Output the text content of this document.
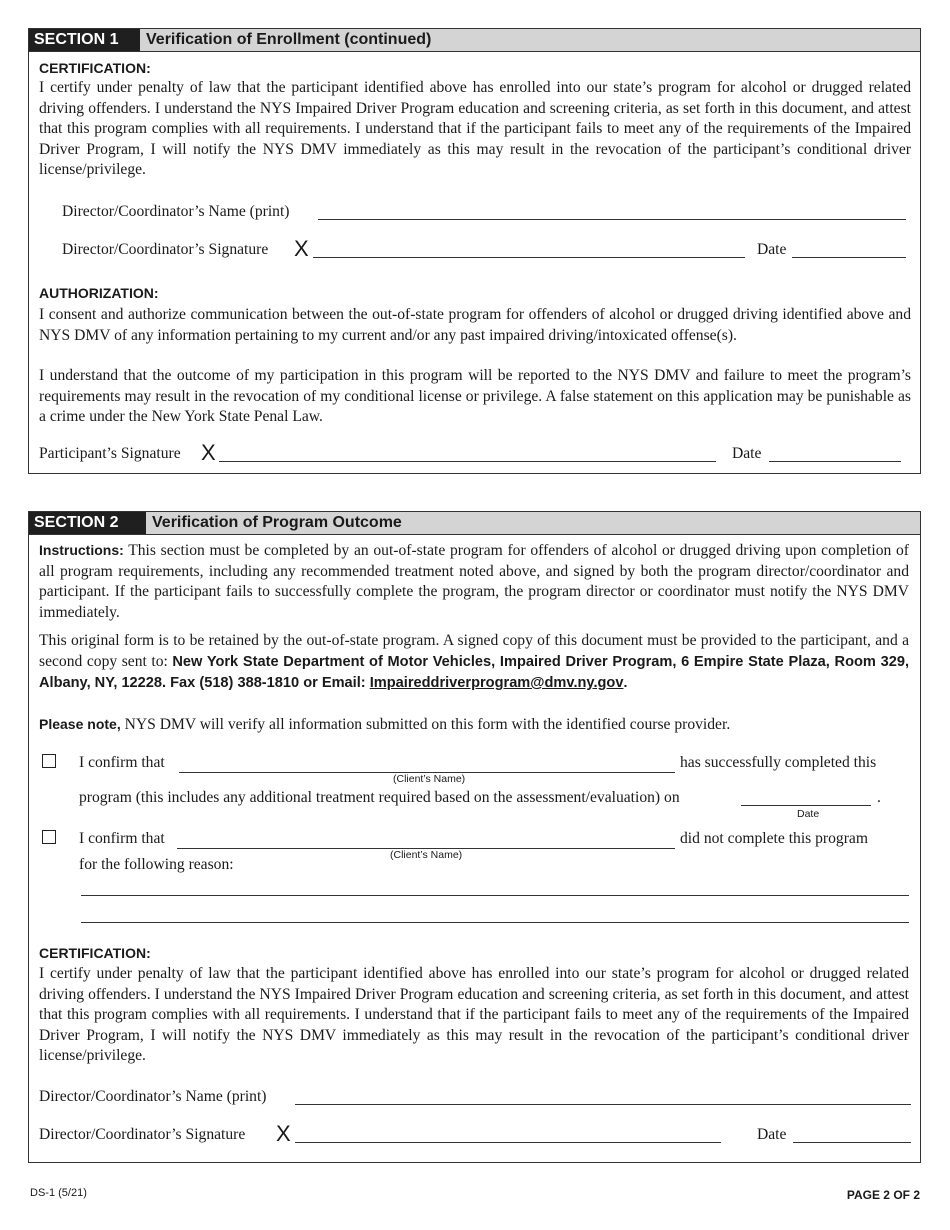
SECTION 1	Verification of Enrollment (continued)
CERTIFICATION:
I certify under penalty of law that the participant identified above has enrolled into our state’s program for alcohol or drugged related driving offenders. I understand the NYS Impaired Driver Program education and screening criteria, as set forth in this document, and attest that this program complies with all requirements. I understand that if the participant fails to meet any of the requirements of the Impaired Driver Program, I will notify the NYS DMV immediately as this may result in the revocation of the participant’s conditional driver license/privilege.
Director/Coordinator’s Name (print)
Director/Coordinator’s Signature X	Date
AUTHORIZATION:
I consent and authorize communication between the out-of-state program for offenders of alcohol or drugged driving identified above and NYS DMV of any information pertaining to my current and/or any past impaired driving/intoxicated offense(s).
I understand that the outcome of my participation in this program will be reported to the NYS DMV and failure to meet the program’s requirements may result in the revocation of my conditional license or privilege. A false statement on this application may be punishable as a crime under the New York State Penal Law.
Participant’s Signature X	Date
SECTION 2	Verification of Program Outcome
Instructions: This section must be completed by an out-of-state program for offenders of alcohol or drugged driving upon completion of all program requirements, including any recommended treatment noted above, and signed by both the program director/coordinator and participant. If the participant fails to successfully complete the program, the program director or coordinator must notify the NYS DMV immediately.
This original form is to be retained by the out-of-state program. A signed copy of this document must be provided to the participant, and a second copy sent to: New York State Department of Motor Vehicles, Impaired Driver Program, 6 Empire State Plaza, Room 329, Albany, NY, 12228. Fax (518) 388-1810 or Email: Impaireddriverprogram@dmv.ny.gov.
Please note, NYS DMV will verify all information submitted on this form with the identified course provider.
I confirm that
(Client’s Name)
has successfully completed this
program (this includes any additional treatment required based on the assessment/evaluation) on	.
Date
I confirm that
(Client’s Name)
did not complete this program
for the following reason:
CERTIFICATION:
I certify under penalty of law that the participant identified above has enrolled into our state’s program for alcohol or drugged related driving offenders. I understand the NYS Impaired Driver Program education and screening criteria, as set forth in this document, and attest that this program complies with all requirements. I understand that if the participant fails to meet any of the requirements of the Impaired Driver Program, I will notify the NYS DMV immediately as this may result in the revocation of the participant’s conditional driver license/privilege.
Director/Coordinator’s Name (print)
Director/Coordinator’s Signature X	Date
DS-1 (5/21)	PAGE 2 OF 2
